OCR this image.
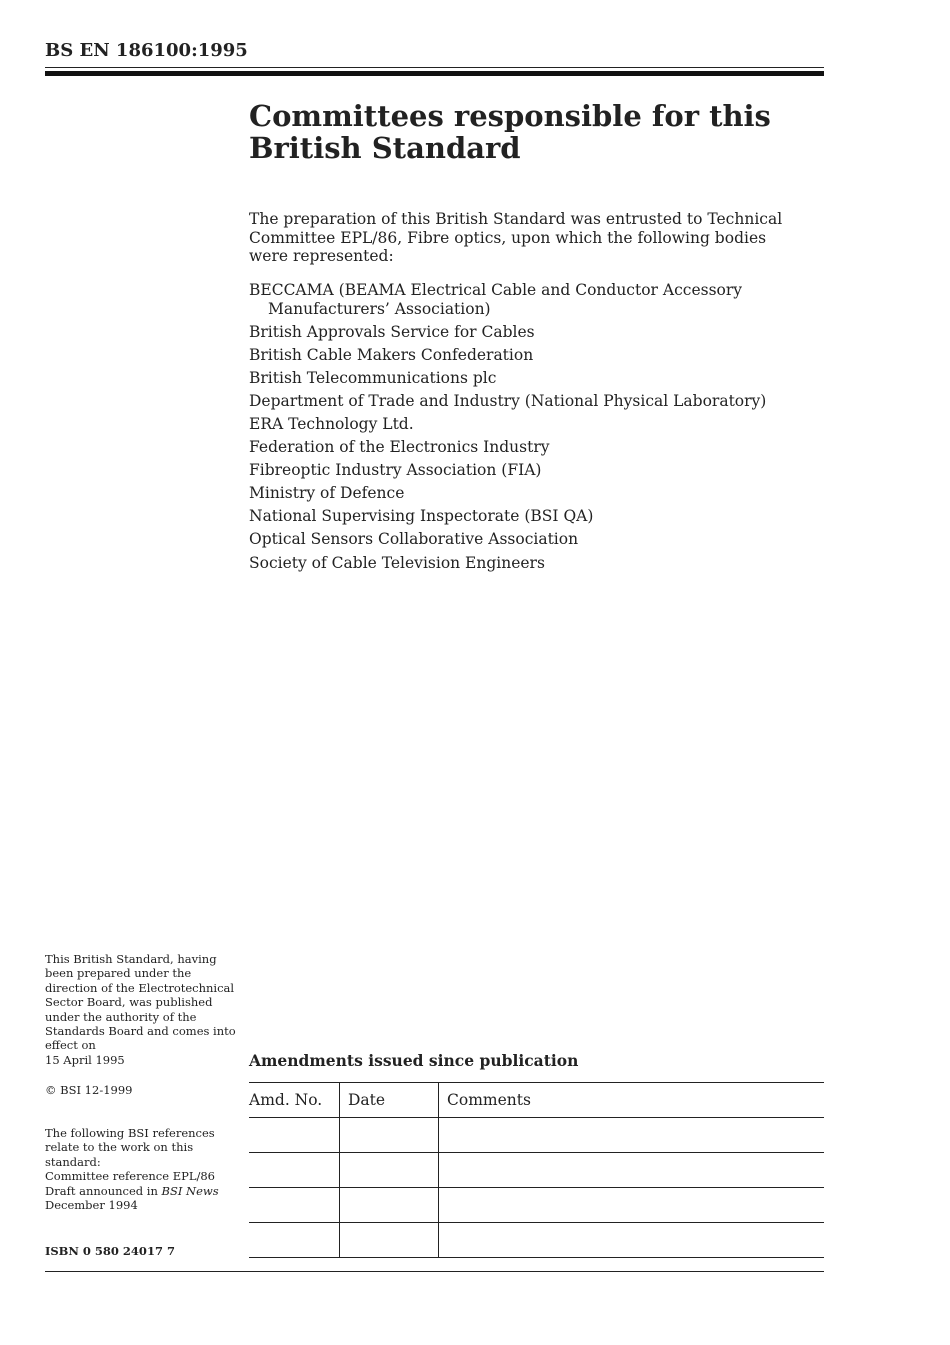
BS EN 186100:1995
Committees responsible for this British Standard

The preparation of this British Standard was entrusted to Technical Committee EPL/86, Fibre optics, upon which the following bodies were represented:

BECCAMA (BEAMA Electrical Cable and Conductor Accessory Manufacturers’ Association)
British Approvals Service for Cables
British Cable Makers Confederation
British Telecommunications plc
Department of Trade and Industry (National Physical Laboratory)
ERA Technology Ltd.
Federation of the Electronics Industry
Fibreoptic Industry Association (FIA)
Ministry of Defence
National Supervising Inspectorate (BSI QA)
Optical Sensors Collaborative Association
Society of Cable Television Engineers

This British Standard, having been prepared under the direction of the Electrotechnical Sector Board, was published under the authority of the Standards Board and comes into effect on

15 April 1995

© BSI 12-1999

The following BSI references relate to the work on this standard:

Committee reference EPL/86

Draft announced in BSI News

December 1994

ISBN 0 580 24017 7

Amendments issued since publication
Amd. No.	Date	Comments
